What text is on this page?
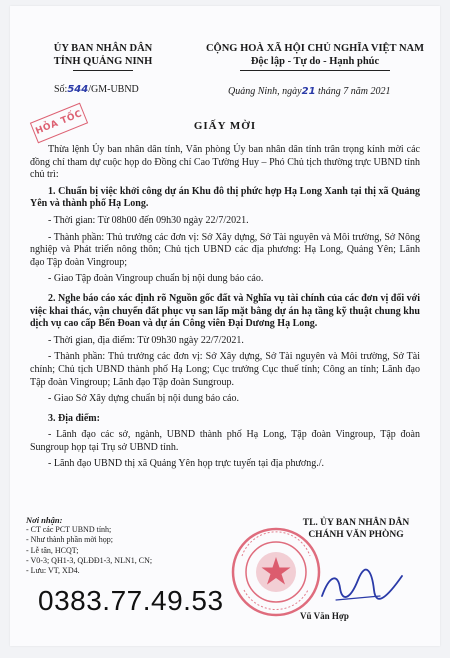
ỦY BAN NHÂN DÂN
TỈNH QUẢNG NINH
CỘNG HOÀ XÃ HỘI CHỦ NGHĨA VIỆT NAM
Độc lập - Tự do - Hạnh phúc
Số:544/GM-UBND	Quảng Ninh, ngày21 tháng 7 năm 2021
HỎA TỐC	GIẤY MỜI

Thừa lệnh Ủy ban nhân dân tỉnh, Văn phòng Ủy ban nhân dân tỉnh trân trọng kính mời các đồng chí tham dự cuộc họp do Đồng chí Cao Tường Huy – Phó Chủ tịch thường trực UBND tỉnh chủ trì:

1. Chuẩn bị việc khởi công dự án Khu đô thị phức hợp Hạ Long Xanh tại thị xã Quảng Yên và thành phố Hạ Long.

- Thời gian: Từ 08h00 đến 09h30 ngày 22/7/2021.

- Thành phần: Thủ trưởng các đơn vị: Sở Xây dựng, Sở Tài nguyên và Môi trường, Sở Nông nghiệp và Phát triển nông thôn; Chủ tịch UBND các địa phương: Hạ Long, Quảng Yên; Lãnh đạo Tập đoàn Vingroup;

- Giao Tập đoàn Vingroup chuẩn bị nội dung báo cáo.

2. Nghe báo cáo xác định rõ Nguồn gốc đất và Nghĩa vụ tài chính của các đơn vị đối với việc khai thác, vận chuyển đất phục vụ san lấp mặt bằng dự án hạ tầng kỹ thuật chung khu dịch vụ cao cấp Bến Đoan và dự án Công viên Đại Dương Hạ Long.

- Thời gian, địa điểm: Từ 09h30 ngày 22/7/2021.

- Thành phần: Thủ trưởng các đơn vị: Sở Xây dựng, Sở Tài nguyên và Môi trường, Sở Tài chính; Chủ tịch UBND thành phố Hạ Long; Cục trưởng Cục thuế tỉnh; Công an tỉnh; Lãnh đạo Tập đoàn Vingroup; Lãnh đạo Tập đoàn Sungroup.

- Giao Sở Xây dựng chuẩn bị nội dung báo cáo.

3. Địa điểm:

- Lãnh đạo các sở, ngành, UBND thành phố Hạ Long, Tập đoàn Vingroup, Tập đoàn Sungroup họp tại Trụ sở UBND tỉnh.

- Lãnh đạo UBND thị xã Quảng Yên họp trực tuyến tại địa phương./.

Nơi nhận:
- CT các PCT UBND tỉnh;
- Như thành phần mời họp;
- Lễ tân, HCQT;
- V0-3; QH1-3, QLĐĐ1-3, NLN1, CN;
- Lưu: VT, XD4.
TL. ỦY BAN NHÂN DÂN
CHÁNH VĂN PHÒNG
Vũ Văn Hợp
0383.77.49.53
